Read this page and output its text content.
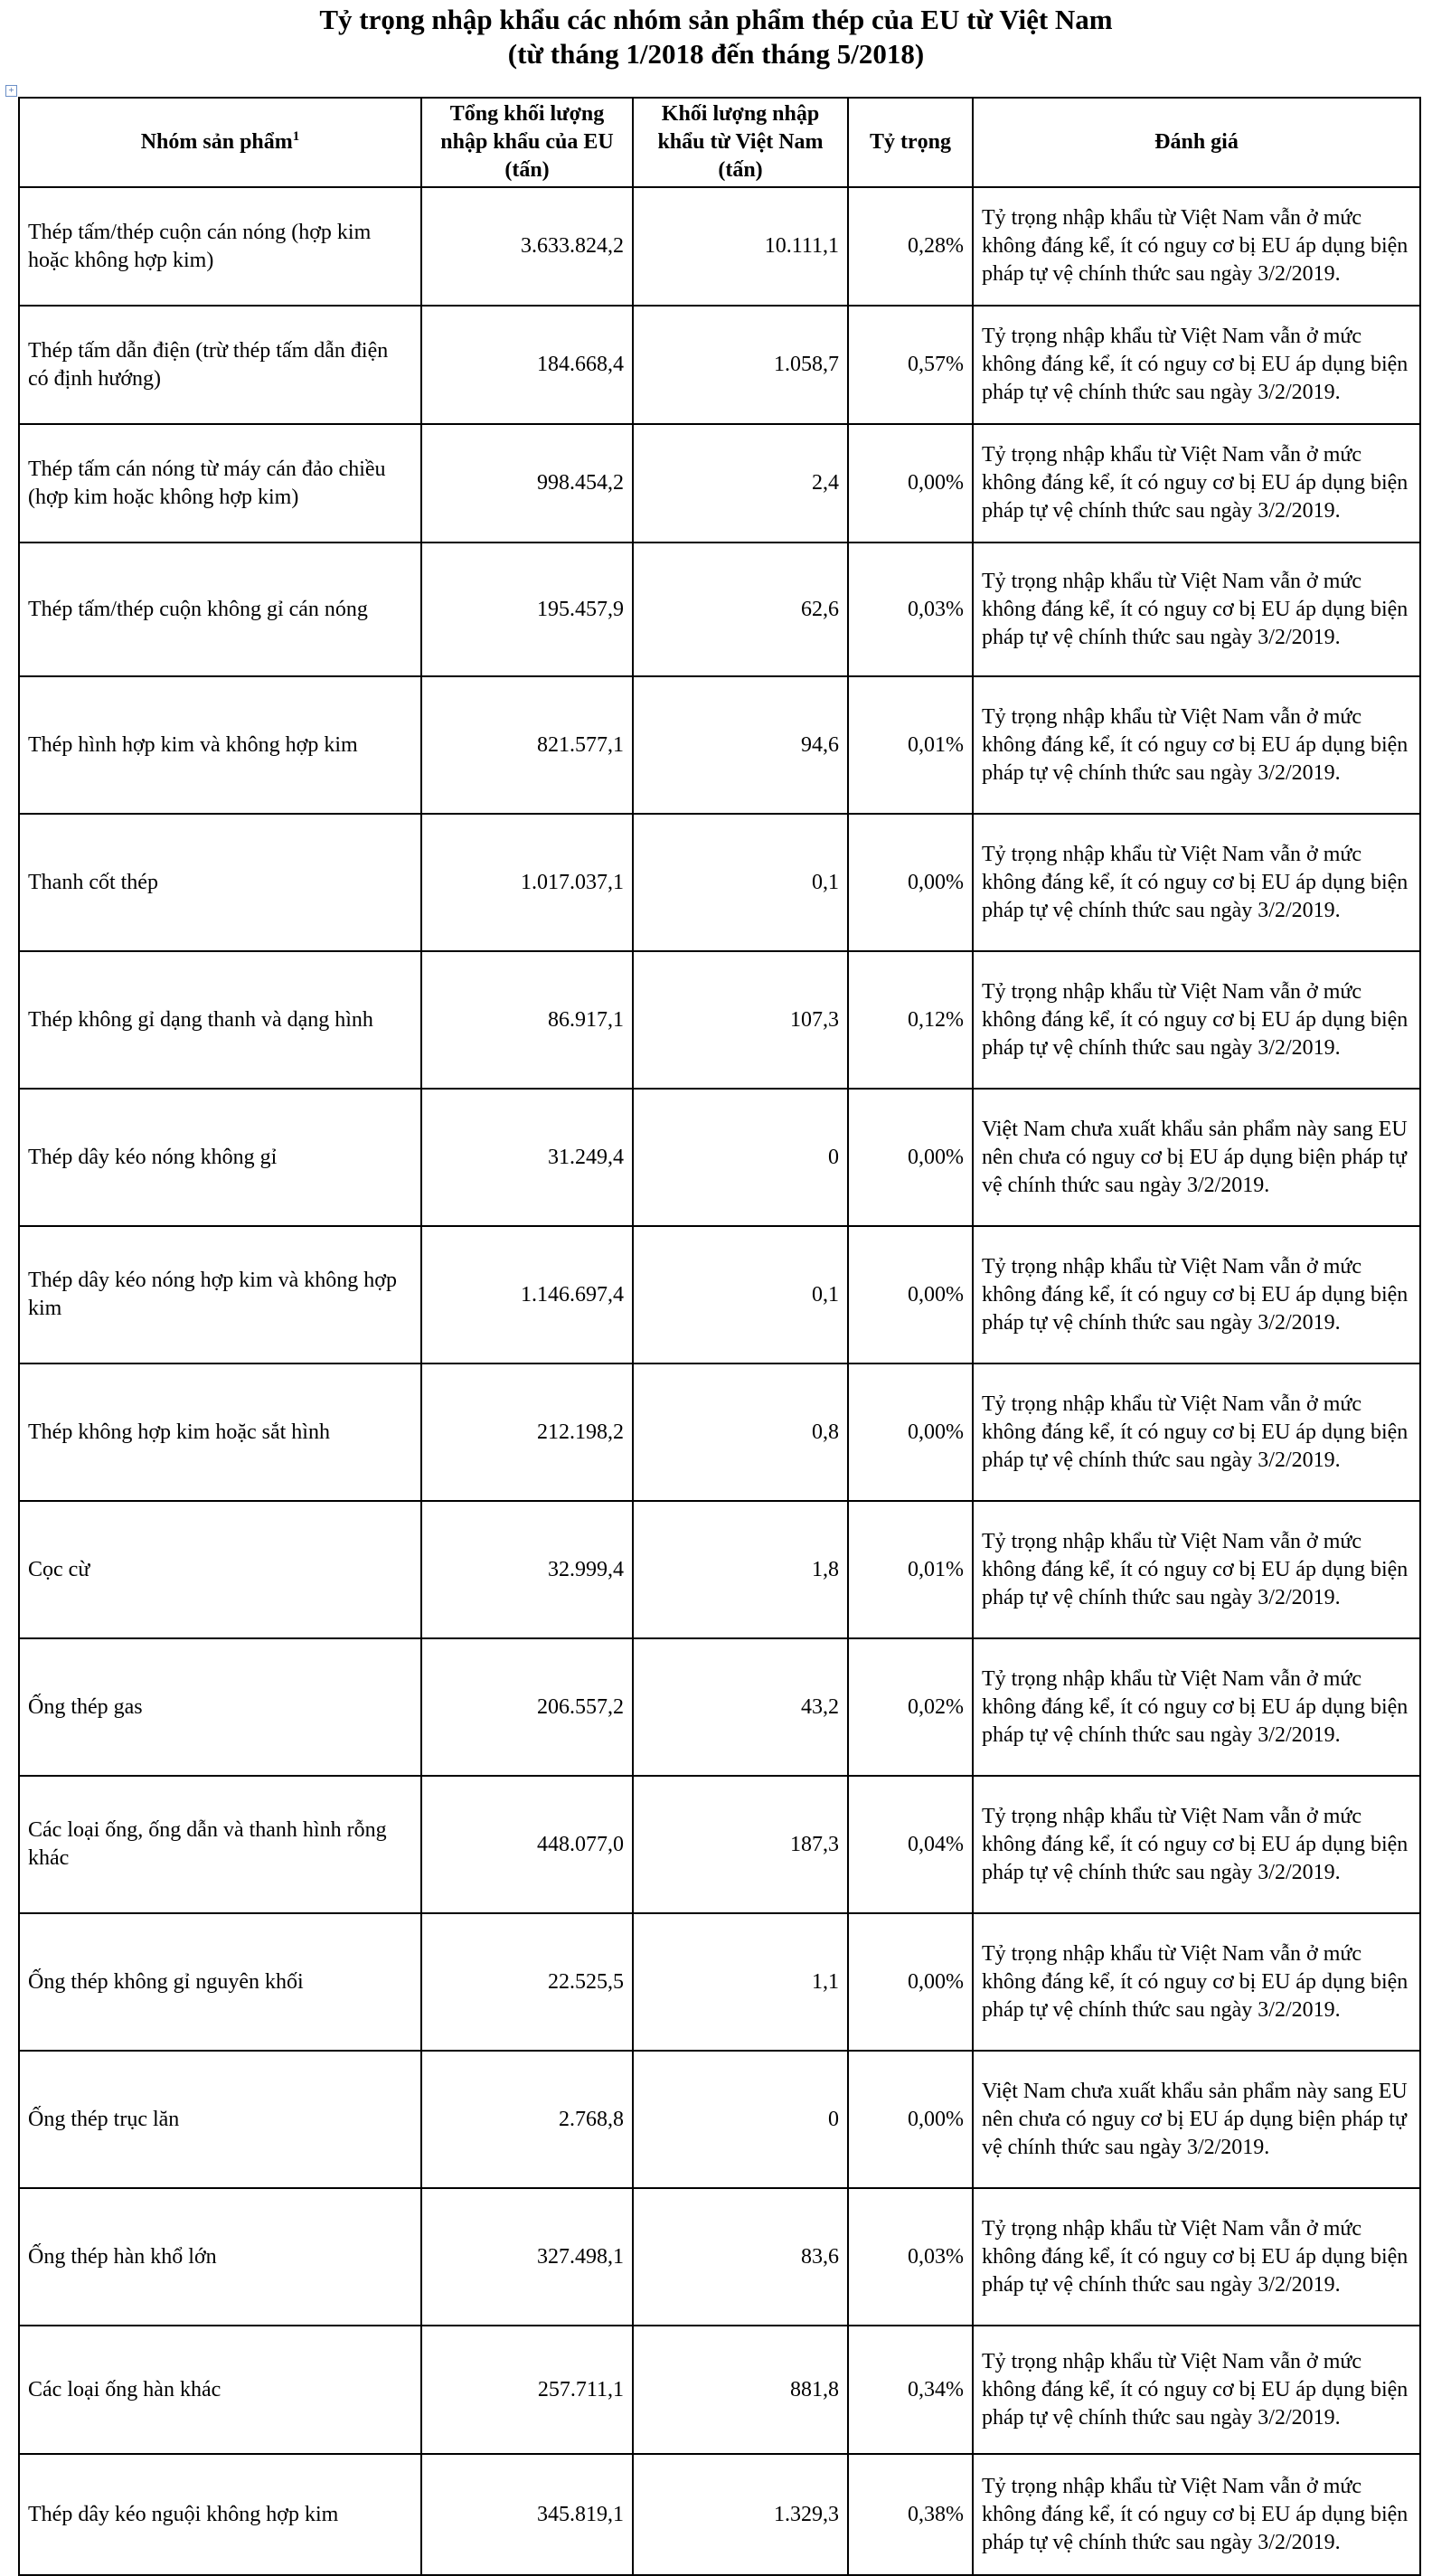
Tỷ trọng nhập khẩu các nhóm sản phẩm thép của EU từ Việt Nam
(từ tháng 1/2018 đến tháng 5/2018)
+
Nhóm sản phẩm$^1$	Tổng khối lượng nhập khẩu của EU (tấn)	Khối lượng nhập khẩu từ Việt Nam (tấn)	Tỷ trọng	Đánh giá
Thép tấm/thép cuộn cán nóng (hợp kim hoặc không hợp kim)	3.633.824,2	10.111,1	0,28%	Tỷ trọng nhập khẩu từ Việt Nam vẫn ở mức không đáng kể, ít có nguy cơ bị EU áp dụng biện pháp tự vệ chính thức sau ngày 3/2/2019.
Thép tấm dẫn điện (trừ thép tấm dẫn điện có định hướng)	184.668,4	1.058,7	0,57%	Tỷ trọng nhập khẩu từ Việt Nam vẫn ở mức không đáng kể, ít có nguy cơ bị EU áp dụng biện pháp tự vệ chính thức sau ngày 3/2/2019.
Thép tấm cán nóng từ máy cán đảo chiều (hợp kim hoặc không hợp kim)	998.454,2	2,4	0,00%	Tỷ trọng nhập khẩu từ Việt Nam vẫn ở mức không đáng kể, ít có nguy cơ bị EU áp dụng biện pháp tự vệ chính thức sau ngày 3/2/2019.
Thép tấm/thép cuộn không gỉ cán nóng	195.457,9	62,6	0,03%	Tỷ trọng nhập khẩu từ Việt Nam vẫn ở mức không đáng kể, ít có nguy cơ bị EU áp dụng biện pháp tự vệ chính thức sau ngày 3/2/2019.
Thép hình hợp kim và không hợp kim	821.577,1	94,6	0,01%	Tỷ trọng nhập khẩu từ Việt Nam vẫn ở mức không đáng kể, ít có nguy cơ bị EU áp dụng biện pháp tự vệ chính thức sau ngày 3/2/2019.
Thanh cốt thép	1.017.037,1	0,1	0,00%	Tỷ trọng nhập khẩu từ Việt Nam vẫn ở mức không đáng kể, ít có nguy cơ bị EU áp dụng biện pháp tự vệ chính thức sau ngày 3/2/2019.
Thép không gỉ dạng thanh và dạng hình	86.917,1	107,3	0,12%	Tỷ trọng nhập khẩu từ Việt Nam vẫn ở mức không đáng kể, ít có nguy cơ bị EU áp dụng biện pháp tự vệ chính thức sau ngày 3/2/2019.
Thép dây kéo nóng không gỉ	31.249,4	0	0,00%	Việt Nam chưa xuất khẩu sản phẩm này sang EU nên chưa có nguy cơ bị EU áp dụng biện pháp tự vệ chính thức sau ngày 3/2/2019.
Thép dây kéo nóng hợp kim và không hợp kim	1.146.697,4	0,1	0,00%	Tỷ trọng nhập khẩu từ Việt Nam vẫn ở mức không đáng kể, ít có nguy cơ bị EU áp dụng biện pháp tự vệ chính thức sau ngày 3/2/2019.
Thép không hợp kim hoặc sắt hình	212.198,2	0,8	0,00%	Tỷ trọng nhập khẩu từ Việt Nam vẫn ở mức không đáng kể, ít có nguy cơ bị EU áp dụng biện pháp tự vệ chính thức sau ngày 3/2/2019.
Cọc cừ	32.999,4	1,8	0,01%	Tỷ trọng nhập khẩu từ Việt Nam vẫn ở mức không đáng kể, ít có nguy cơ bị EU áp dụng biện pháp tự vệ chính thức sau ngày 3/2/2019.
Ống thép gas	206.557,2	43,2	0,02%	Tỷ trọng nhập khẩu từ Việt Nam vẫn ở mức không đáng kể, ít có nguy cơ bị EU áp dụng biện pháp tự vệ chính thức sau ngày 3/2/2019.
Các loại ống, ống dẫn và thanh hình rỗng khác	448.077,0	187,3	0,04%	Tỷ trọng nhập khẩu từ Việt Nam vẫn ở mức không đáng kể, ít có nguy cơ bị EU áp dụng biện pháp tự vệ chính thức sau ngày 3/2/2019.
Ống thép không gỉ nguyên khối	22.525,5	1,1	0,00%	Tỷ trọng nhập khẩu từ Việt Nam vẫn ở mức không đáng kể, ít có nguy cơ bị EU áp dụng biện pháp tự vệ chính thức sau ngày 3/2/2019.
Ống thép trục lăn	2.768,8	0	0,00%	Việt Nam chưa xuất khẩu sản phẩm này sang EU nên chưa có nguy cơ bị EU áp dụng biện pháp tự vệ chính thức sau ngày 3/2/2019.
Ống thép hàn khổ lớn	327.498,1	83,6	0,03%	Tỷ trọng nhập khẩu từ Việt Nam vẫn ở mức không đáng kể, ít có nguy cơ bị EU áp dụng biện pháp tự vệ chính thức sau ngày 3/2/2019.
Các loại ống hàn khác	257.711,1	881,8	0,34%	Tỷ trọng nhập khẩu từ Việt Nam vẫn ở mức không đáng kể, ít có nguy cơ bị EU áp dụng biện pháp tự vệ chính thức sau ngày 3/2/2019.
Thép dây kéo nguội không hợp kim	345.819,1	1.329,3	0,38%	Tỷ trọng nhập khẩu từ Việt Nam vẫn ở mức không đáng kể, ít có nguy cơ bị EU áp dụng biện pháp tự vệ chính thức sau ngày 3/2/2019.
